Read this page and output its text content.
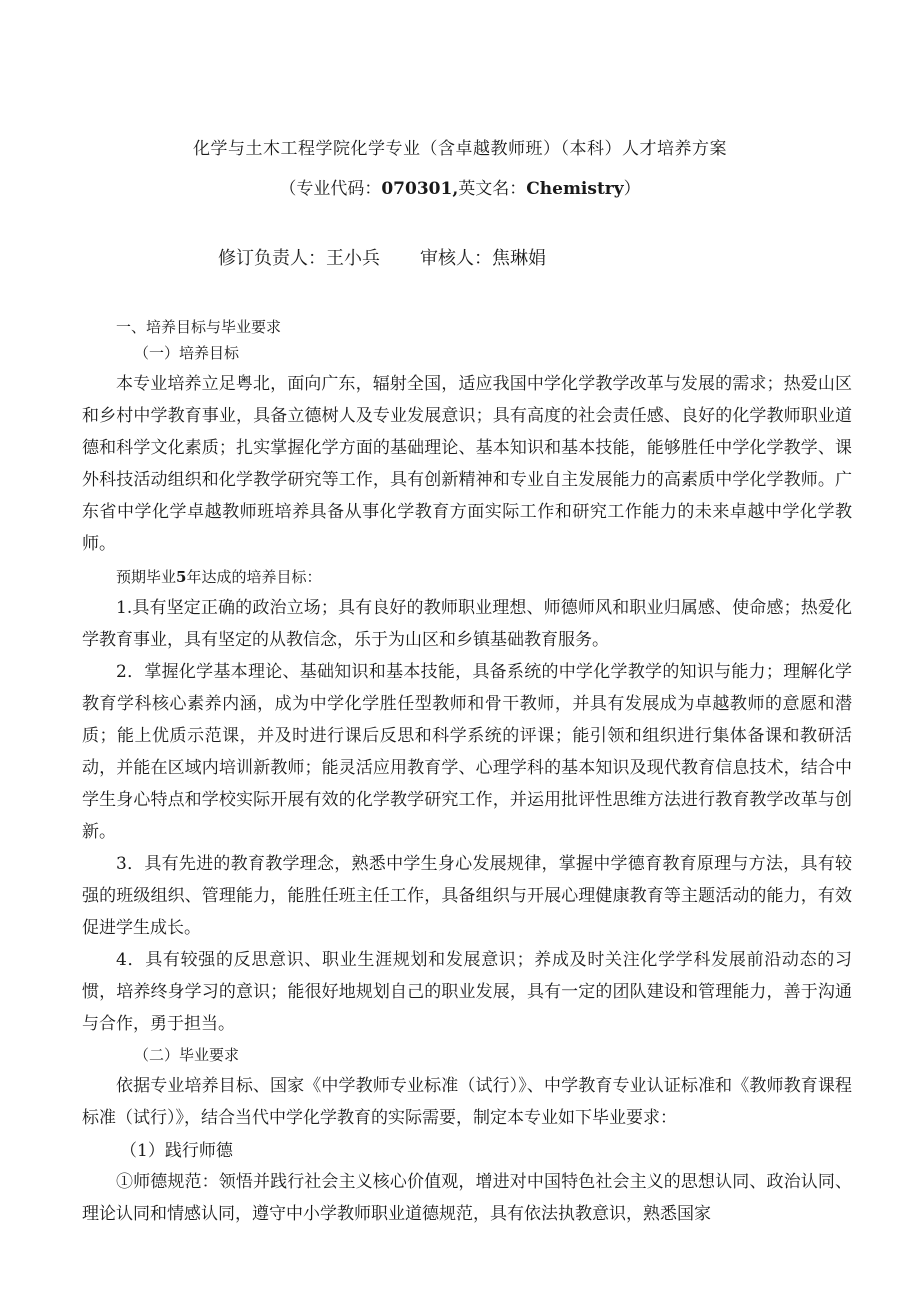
化学与土木工程学院化学专业（含卓越教师班）（本科）人才培养方案
（专业代码：070301,英文名：Chemistry）
修订负责人：王小兵 审核人：焦琳娟
一、培养目标与毕业要求
（一）培养目标

本专业培养立足粤北，面向广东，辐射全国，适应我国中学化学教学改革与发展的需求；热爱山区和乡村中学教育事业，具备立德树人及专业发展意识；具有高度的社会责任感、良好的化学教师职业道德和科学文化素质；扎实掌握化学方面的基础理论、基本知识和基本技能，能够胜任中学化学教学、课外科技活动组织和化学教学研究等工作，具有创新精神和专业自主发展能力的高素质中学化学教师。广东省中学化学卓越教师班培养具备从事化学教育方面实际工作和研究工作能力的未来卓越中学化学教师。

预期毕业5年达成的培养目标：

1.具有坚定正确的政治立场；具有良好的教师职业理想、师德师风和职业归属感、使命感；热爱化学教育事业，具有坚定的从教信念，乐于为山区和乡镇基础教育服务。

2．掌握化学基本理论、基础知识和基本技能，具备系统的中学化学教学的知识与能力；理解化学教育学科核心素养内涵，成为中学化学胜任型教师和骨干教师，并具有发展成为卓越教师的意愿和潜质；能上优质示范课，并及时进行课后反思和科学系统的评课；能引领和组织进行集体备课和教研活动，并能在区域内培训新教师；能灵活应用教育学、心理学科的基本知识及现代教育信息技术，结合中学生身心特点和学校实际开展有效的化学教学研究工作，并运用批评性思维方法进行教育教学改革与创新。

3．具有先进的教育教学理念，熟悉中学生身心发展规律，掌握中学德育教育原理与方法，具有较强的班级组织、管理能力，能胜任班主任工作，具备组织与开展心理健康教育等主题活动的能力，有效促进学生成长。

4．具有较强的反思意识、职业生涯规划和发展意识；养成及时关注化学学科发展前沿动态的习惯，培养终身学习的意识；能很好地规划自己的职业发展，具有一定的团队建设和管理能力，善于沟通与合作，勇于担当。

（二）毕业要求

依据专业培养目标、国家《中学教师专业标准（试行）》、中学教育专业认证标准和《教师教育课程标准（试行）》，结合当代中学化学教育的实际需要，制定本专业如下毕业要求：

（1）践行师德

①师德规范：领悟并践行社会主义核心价值观，增进对中国特色社会主义的思想认同、政治认同、理论认同和情感认同，遵守中小学教师职业道德规范，具有依法执教意识，熟悉国家
